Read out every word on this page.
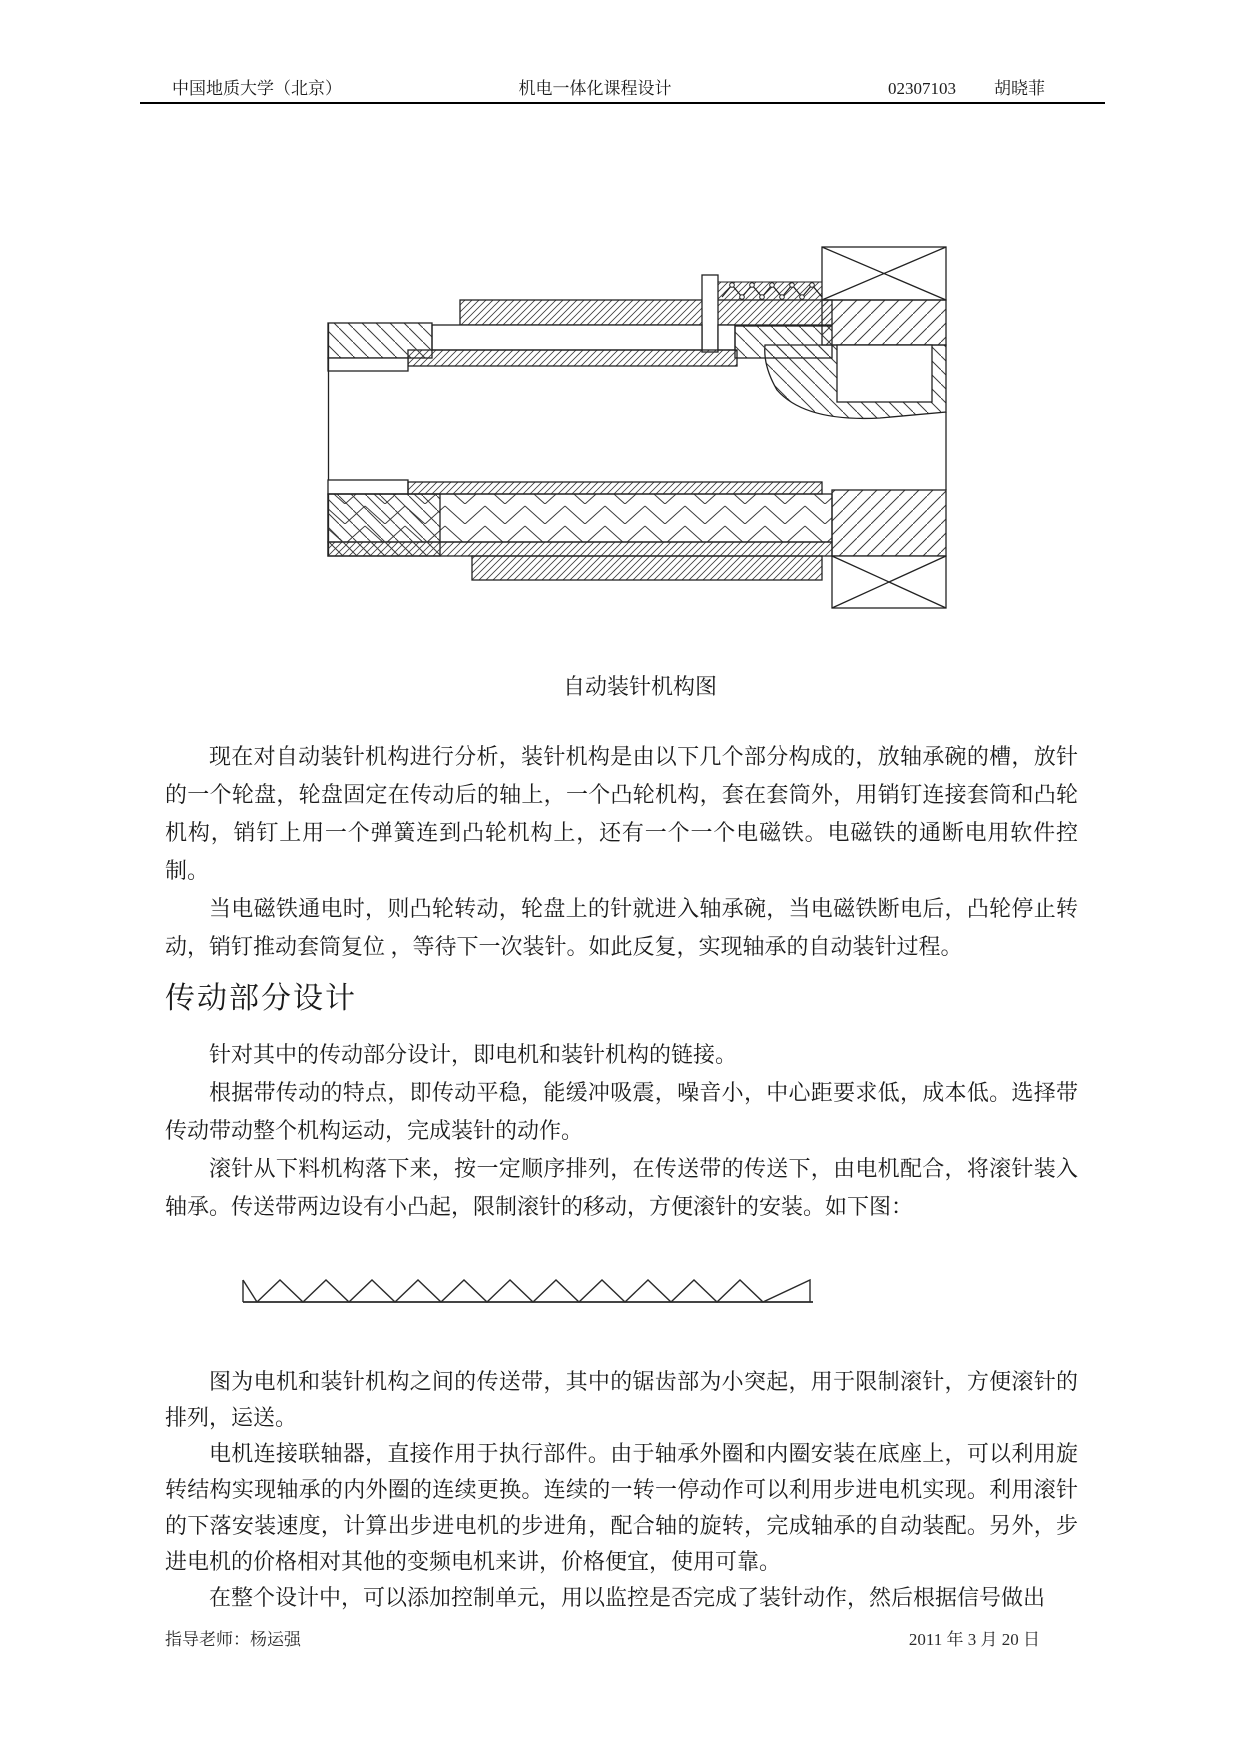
中国地质大学（北京）	机电一体化课程设计	02307103 胡晓菲
自动装针机构图

现在对自动装针机构进行分析，装针机构是由以下几个部分构成的，放轴承碗的槽，放针的一个轮盘，轮盘固定在传动后的轴上，一个凸轮机构，套在套筒外，用销钉连接套筒和凸轮机构，销钉上用一个弹簧连到凸轮机构上，还有一个一个电磁铁。电磁铁的通断电用软件控制。

当电磁铁通电时，则凸轮转动，轮盘上的针就进入轴承碗，当电磁铁断电后，凸轮停止转动，销钉推动套筒复位 ，等待下一次装针。如此反复，实现轴承的自动装针过程。

传动部分设计

针对其中的传动部分设计，即电机和装针机构的链接。

根据带传动的特点，即传动平稳，能缓冲吸震，噪音小，中心距要求低，成本低。选择带传动带动整个机构运动，完成装针的动作。

滚针从下料机构落下来，按一定顺序排列，在传送带的传送下，由电机配合，将滚针装入轴承。传送带两边设有小凸起，限制滚针的移动，方便滚针的安装。如下图：

图为电机和装针机构之间的传送带，其中的锯齿部为小突起，用于限制滚针，方便滚针的排列，运送。

电机连接联轴器，直接作用于执行部件。由于轴承外圈和内圈安装在底座上，可以利用旋转结构实现轴承的内外圈的连续更换。连续的一转一停动作可以利用步进电机实现。利用滚针的下落安装速度，计算出步进电机的步进角，配合轴的旋转，完成轴承的自动装配。另外，步进电机的价格相对其他的变频电机来讲，价格便宜，使用可靠。

在整个设计中，可以添加控制单元，用以监控是否完成了装针动作，然后根据信号做出

指导老师：杨运强	2011 年 3 月 20 日
